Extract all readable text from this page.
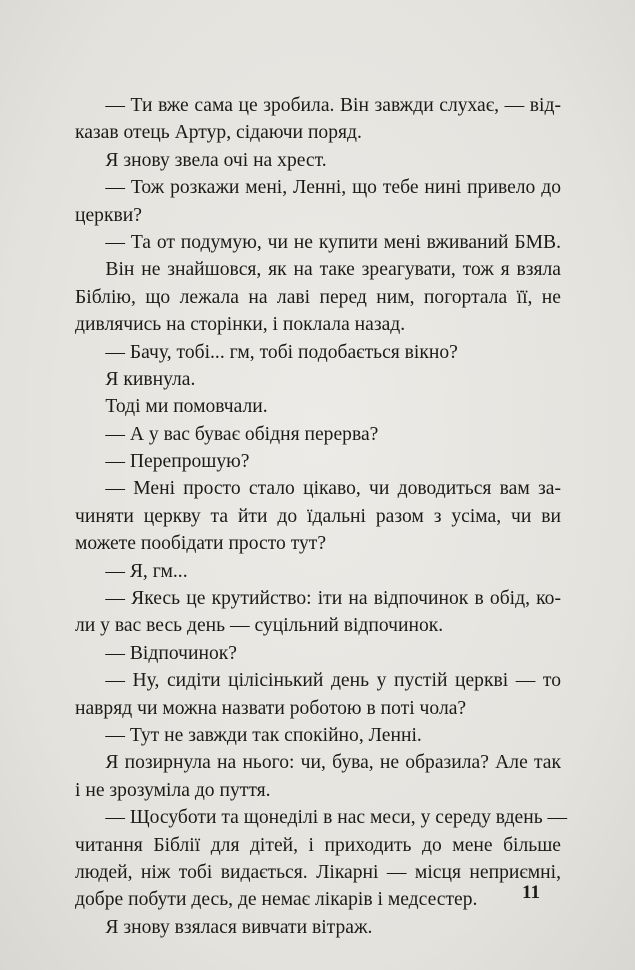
— Ти вже сама це зробила. Він завжди слухає, — від-
казав отець Артур, сідаючи поряд.
Я знову звела очі на хрест.
— Тож розкажи мені, Ленні, що тебе нині привело до
церкви?
— Та от подумую, чи не купити мені вживаний БМВ.
Він не знайшовся, як на таке зреагувати, тож я взяла
Біблію, що лежала на лаві перед ним, погортала її, не
дивлячись на сторінки, і поклала назад.
— Бачу, тобі... гм, тобі подобається вікно?
Я кивнула.
Тоді ми помовчали.
— А у вас буває обідня перерва?
— Перепрошую?
— Мені просто стало цікаво, чи доводиться вам за-
чиняти церкву та йти до їдальні разом з усіма, чи ви
можете пообідати просто тут?
— Я, гм...
— Якесь це крутийство: іти на відпочинок в обід, ко-
ли у вас весь день — суцільний відпочинок.
— Відпочинок?
— Ну, сидіти цілісінький день у пустій церкві — то
навряд чи можна назвати роботою в поті чола?
— Тут не завжди так спокійно, Ленні.
Я позирнула на нього: чи, бува, не образила? Але так
і не зрозуміла до пуття.
— Щосуботи та щонеділі в нас меси, у середу вдень —
читання Біблії для дітей, і приходить до мене більше
людей, ніж тобі видається. Лікарні — місця неприємні,
добре побути десь, де немає лікарів і медсестер.
Я знову взялася вивчати вітраж.
11
